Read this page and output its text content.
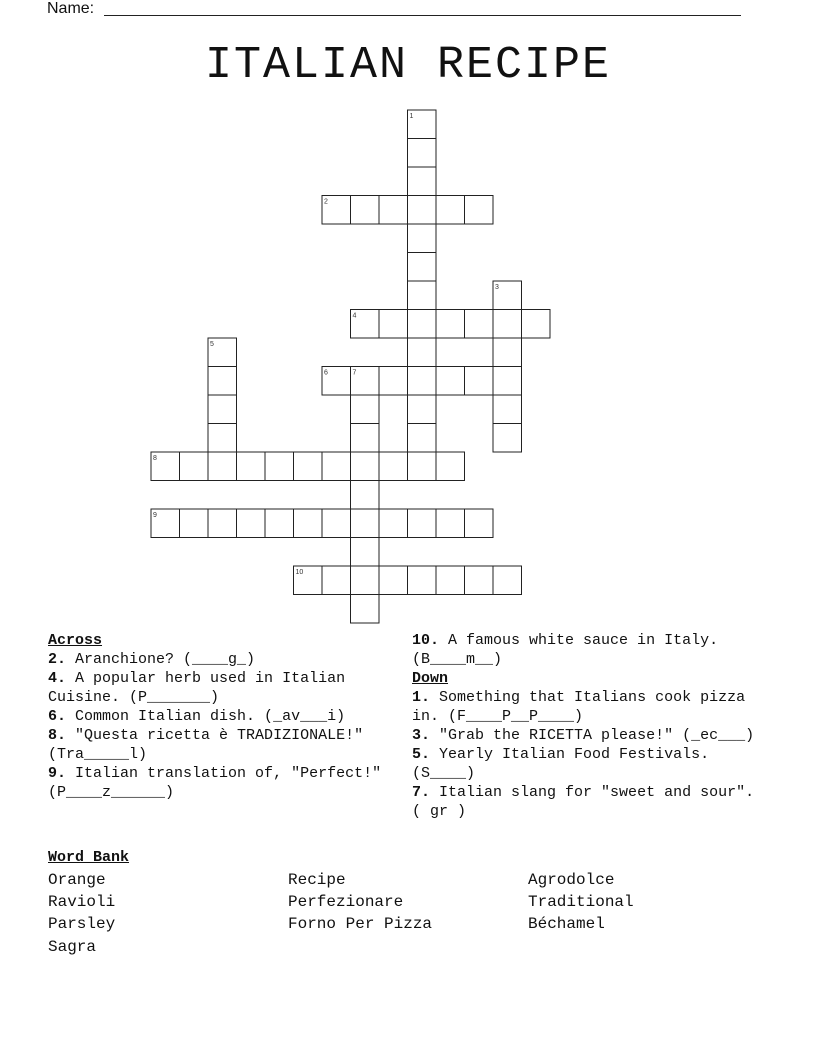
Name:
ITALIAN RECIPE
1
2
3
4
5
6	7
8
9
10
Across
2. Aranchione? (____g_)
4. A popular herb used in Italian Cuisine. (P_______)
6. Common Italian dish. (_av___i)
8. "Questa ricetta è TRADIZIONALE!"(Tra_____l)
9. Italian translation of, "Perfect!" (P____z______)
10. A famous white sauce in Italy. (B____m__)
Down
1. Something that Italians cook pizza in. (F____P__P____)
3. "Grab the RICETTA please!" (_ec___)
5. Yearly Italian Food Festivals. (S____)
7. Italian slang for "sweet and sour". ( gr )
Word Bank
Orange	Recipe	Agrodolce
Ravioli	Perfezionare	Traditional
Parsley	Forno Per Pizza	Béchamel
Sagra
